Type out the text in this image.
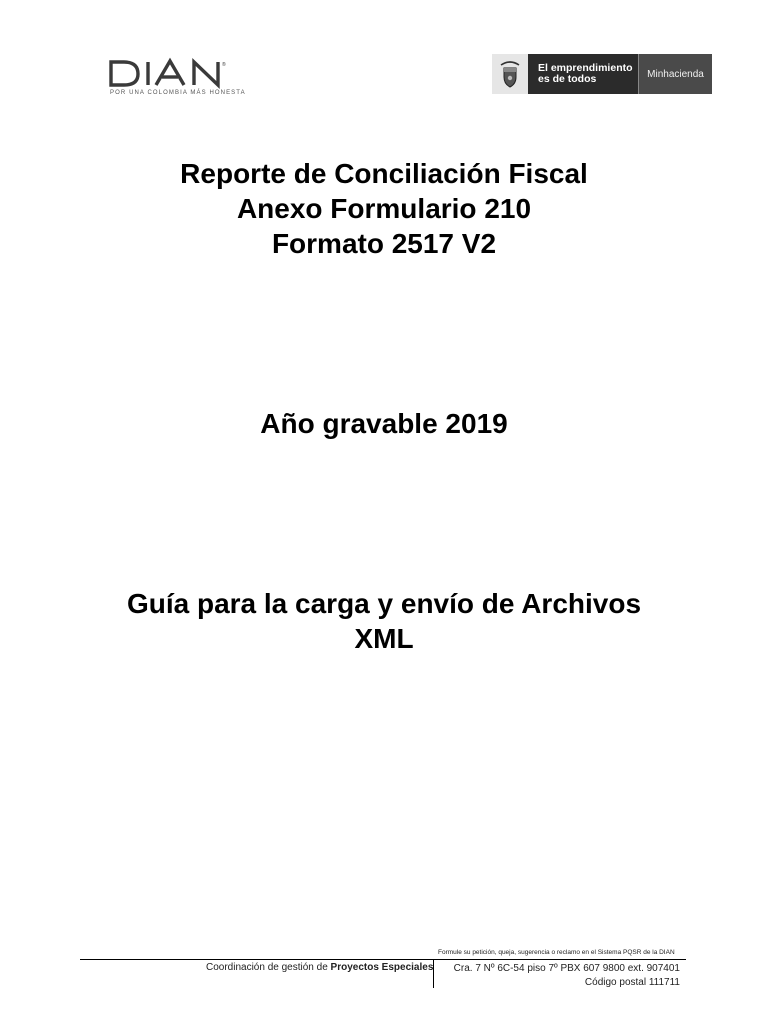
®
POR UNA COLOMBIA MÁS HONESTA
El emprendimiento
es de todos	Minhacienda
Reporte de Conciliación Fiscal
Anexo Formulario 210
Formato 2517 V2
Año gravable 2019
Guía para la carga y envío de Archivos
XML
Formule su petición, queja, sugerencia o reclamo en el Sistema PQSR de la DIAN
Coordinación de gestión de Proyectos Especiales Cra. 7 Nº 6C-54 piso 7º PBX 607 9800 ext. 907401
Código postal 111711
